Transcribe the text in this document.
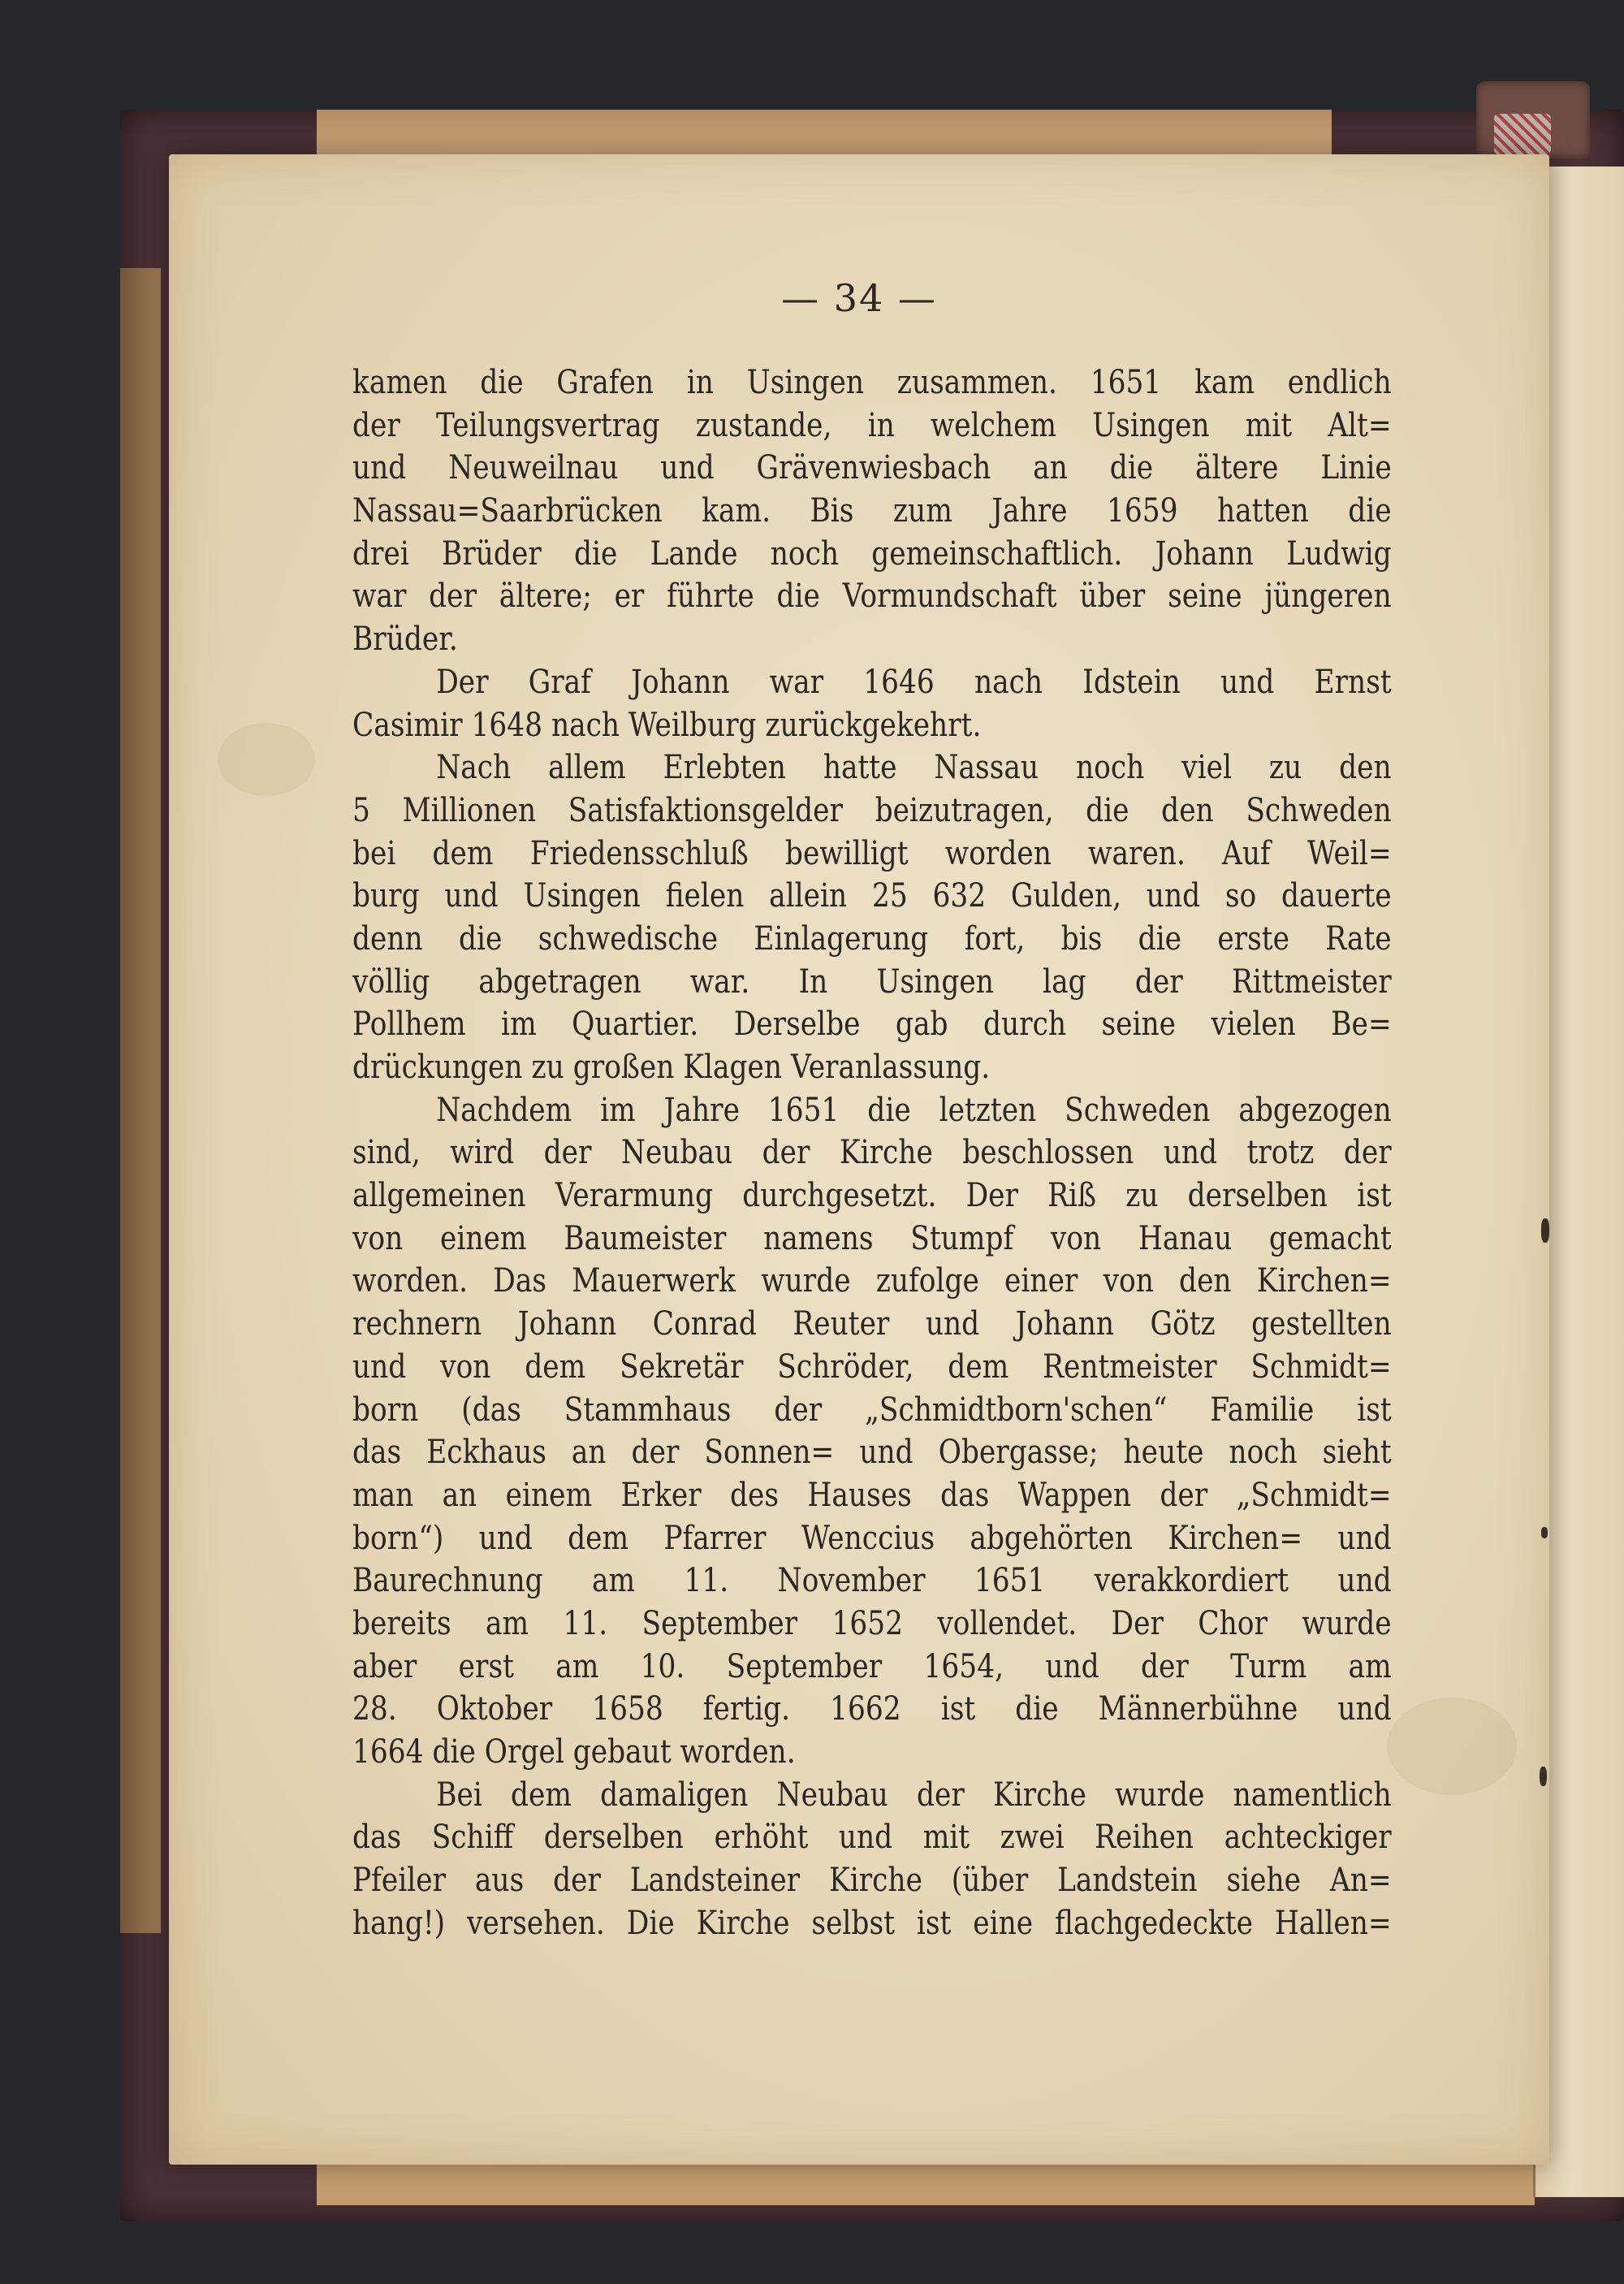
— 34 —
kamen die Grafen in Usingen zusammen. 1651 kam endlich
der Teilungsvertrag zustande, in welchem Usingen mit Alt=
und Neuweilnau und Grävenwiesbach an die ältere Linie
Nassau=Saarbrücken kam. Bis zum Jahre 1659 hatten die
drei Brüder die Lande noch gemeinschaftlich. Johann Ludwig
war der ältere; er führte die Vormundschaft über seine jüngeren
Brüder.
Der Graf Johann war 1646 nach Idstein und Ernst
Casimir 1648 nach Weilburg zurückgekehrt.
Nach allem Erlebten hatte Nassau noch viel zu den
5 Millionen Satisfaktionsgelder beizutragen, die den Schweden
bei dem Friedensschluß bewilligt worden waren. Auf Weil=
burg und Usingen fielen allein 25 632 Gulden, und so dauerte
denn die schwedische Einlagerung fort, bis die erste Rate
völlig abgetragen war. In Usingen lag der Rittmeister
Pollhem im Quartier. Derselbe gab durch seine vielen Be=
drückungen zu großen Klagen Veranlassung.
Nachdem im Jahre 1651 die letzten Schweden abgezogen
sind, wird der Neubau der Kirche beschlossen und trotz der
allgemeinen Verarmung durchgesetzt. Der Riß zu derselben ist
von einem Baumeister namens Stumpf von Hanau gemacht
worden. Das Mauerwerk wurde zufolge einer von den Kirchen=
rechnern Johann Conrad Reuter und Johann Götz gestellten
und von dem Sekretär Schröder, dem Rentmeister Schmidt=
born (das Stammhaus der „Schmidtborn'schen“ Familie ist
das Eckhaus an der Sonnen= und Obergasse; heute noch sieht
man an einem Erker des Hauses das Wappen der „Schmidt=
born“) und dem Pfarrer Wenccius abgehörten Kirchen= und
Baurechnung am 11. November 1651 verakkordiert und
bereits am 11. September 1652 vollendet. Der Chor wurde
aber erst am 10. September 1654, und der Turm am
28. Oktober 1658 fertig. 1662 ist die Männerbühne und
1664 die Orgel gebaut worden.
Bei dem damaligen Neubau der Kirche wurde namentlich
das Schiff derselben erhöht und mit zwei Reihen achteckiger
Pfeiler aus der Landsteiner Kirche (über Landstein siehe An=
hang!) versehen. Die Kirche selbst ist eine flachgedeckte Hallen=
